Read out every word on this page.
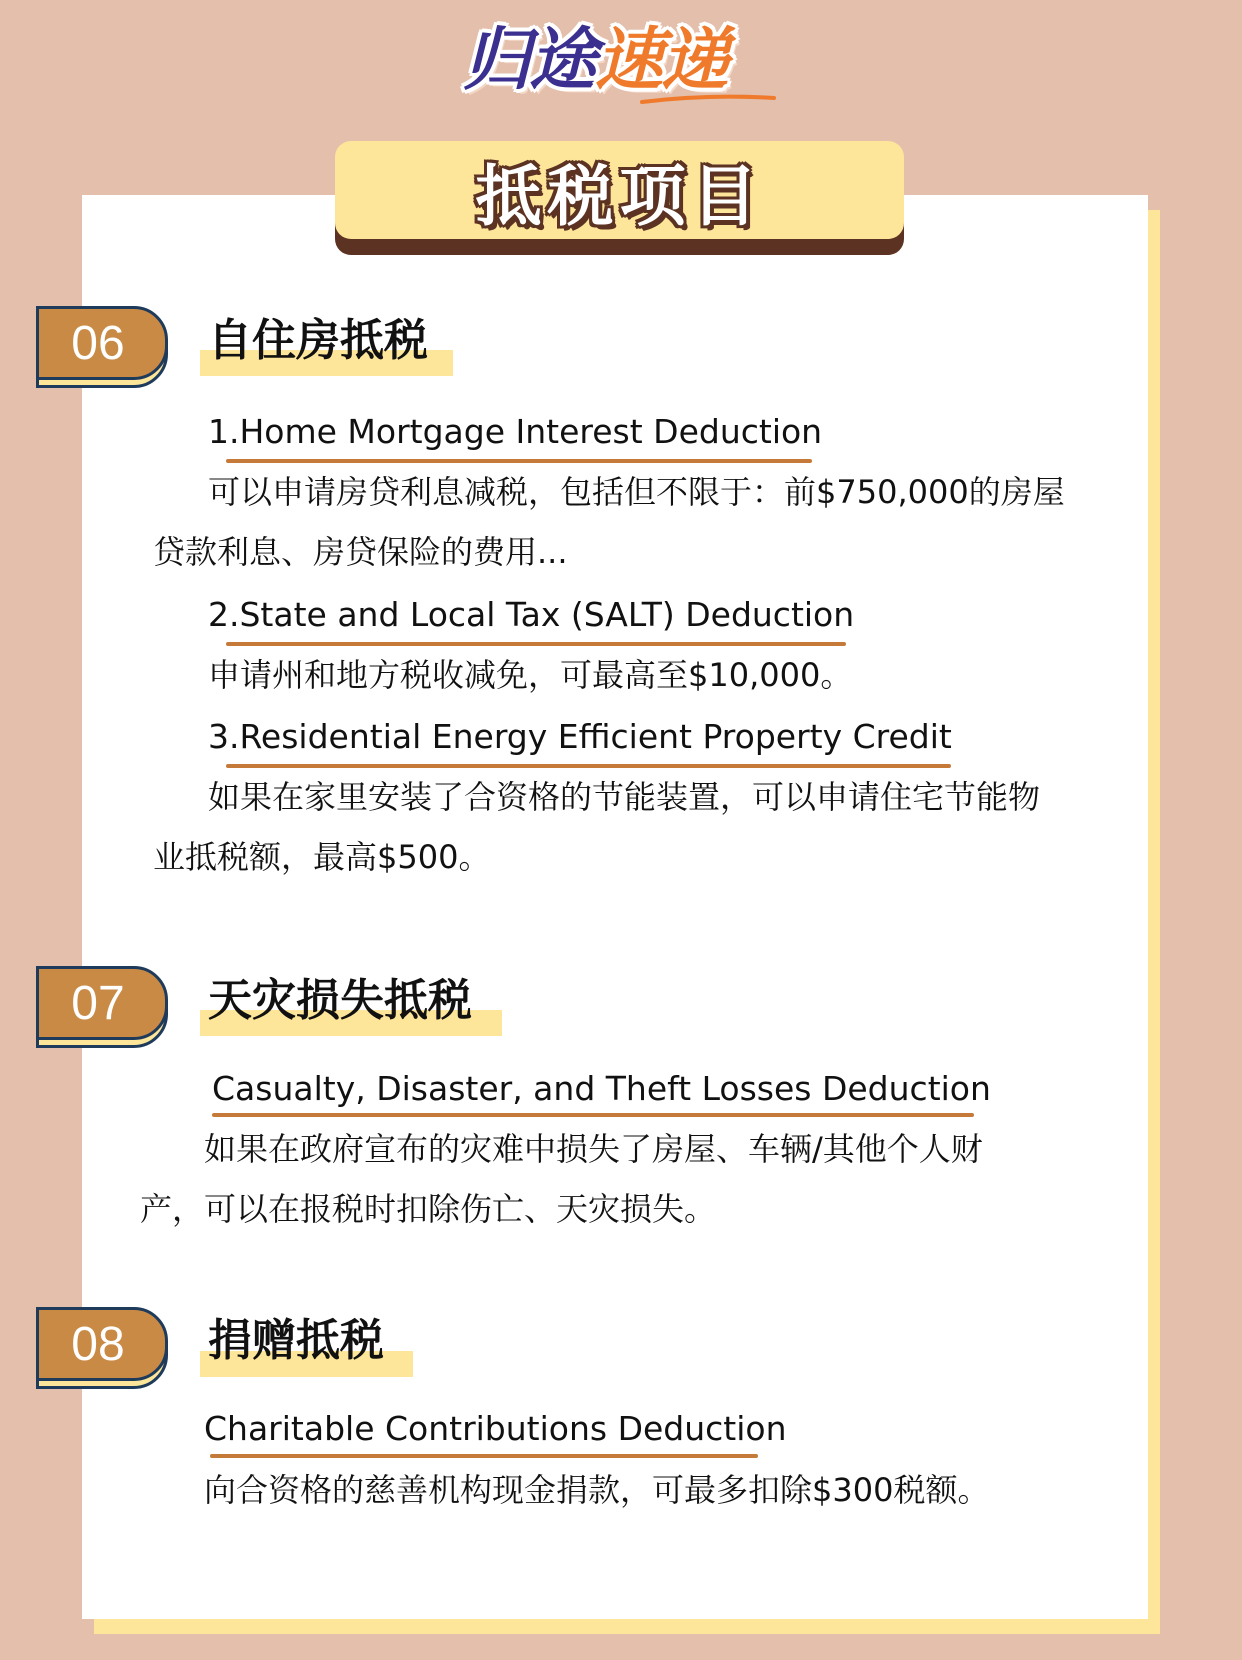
归途速递
抵税项目
06 自住房抵税
1.Home Mortgage Interest Deduction
可以申请房贷利息减税，包括但不限于：前$750,000的房屋
贷款利息、房贷保险的费用...
2.State and Local Tax (SALT) Deduction
申请州和地方税收减免，可最高至$10,000。
3.Residential Energy Efficient Property Credit
如果在家里安装了合资格的节能装置，可以申请住宅节能物
业抵税额，最高$500。
07 天灾损失抵税
Casualty, Disaster, and Theft Losses Deduction
如果在政府宣布的灾难中损失了房屋、车辆/其他个人财
产，可以在报税时扣除伤亡、天灾损失。
08 捐赠抵税
Charitable Contributions Deduction
向合资格的慈善机构现金捐款，可最多扣除$300税额。
